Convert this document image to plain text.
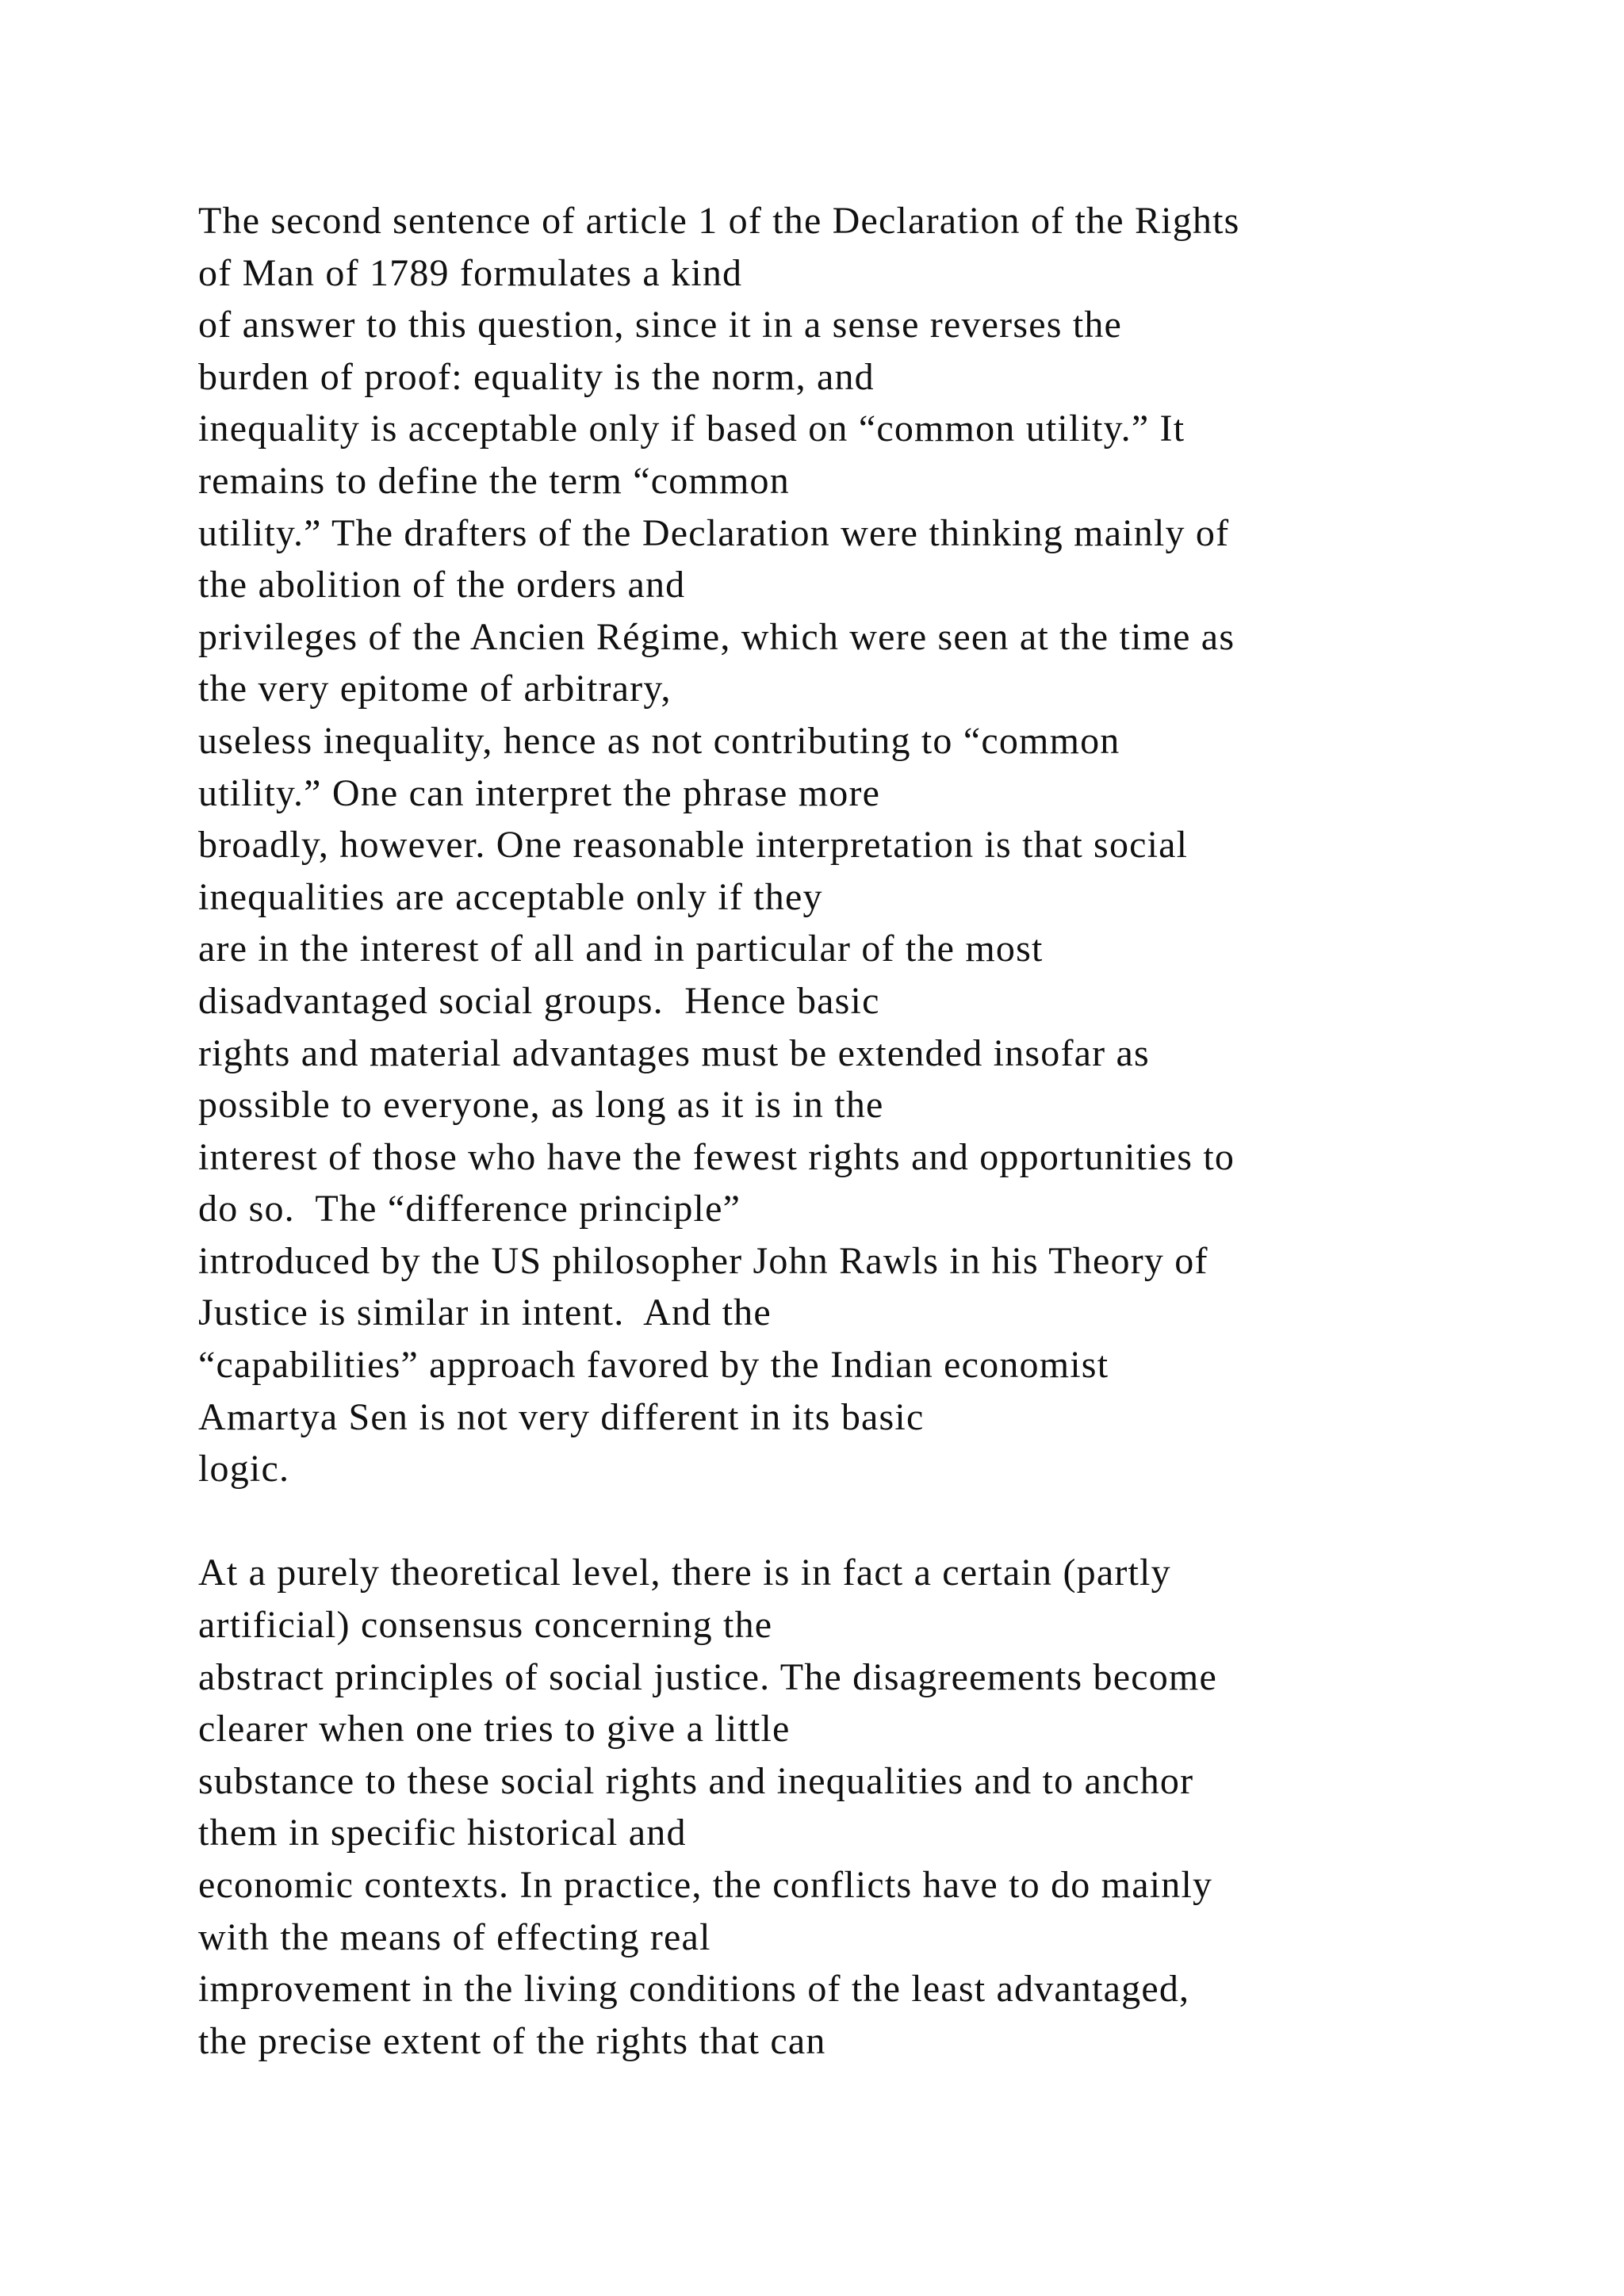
The second sentence of article 1 of the Declaration of the Rights
of Man of 1789 formulates a kind
of answer to this question, since it in a sense reverses the
burden of proof: equality is the norm, and
inequality is acceptable only if based on “common utility.” It
remains to define the term “common
utility.” The drafters of the Declaration were thinking mainly of
the abolition of the orders and
privileges of the Ancien Régime, which were seen at the time as
the very epitome of arbitrary,
useless inequality, hence as not contributing to “common
utility.” One can interpret the phrase more
broadly, however. One reasonable interpretation is that social
inequalities are acceptable only if they
are in the interest of all and in particular of the most
disadvantaged social groups.  Hence basic
rights and material advantages must be extended insofar as
possible to everyone, as long as it is in the
interest of those who have the fewest rights and opportunities to
do so.  The “difference principle”
introduced by the US philosopher John Rawls in his Theory of
Justice is similar in intent.  And the
“capabilities” approach favored by the Indian economist
Amartya Sen is not very different in its basic
logic.
At a purely theoretical level, there is in fact a certain (partly
artificial) consensus concerning the
abstract principles of social justice. The disagreements become
clearer when one tries to give a little
substance to these social rights and inequalities and to anchor
them in specific historical and
economic contexts. In practice, the conflicts have to do mainly
with the means of effecting real
improvement in the living conditions of the least advantaged,
the precise extent of the rights that can
